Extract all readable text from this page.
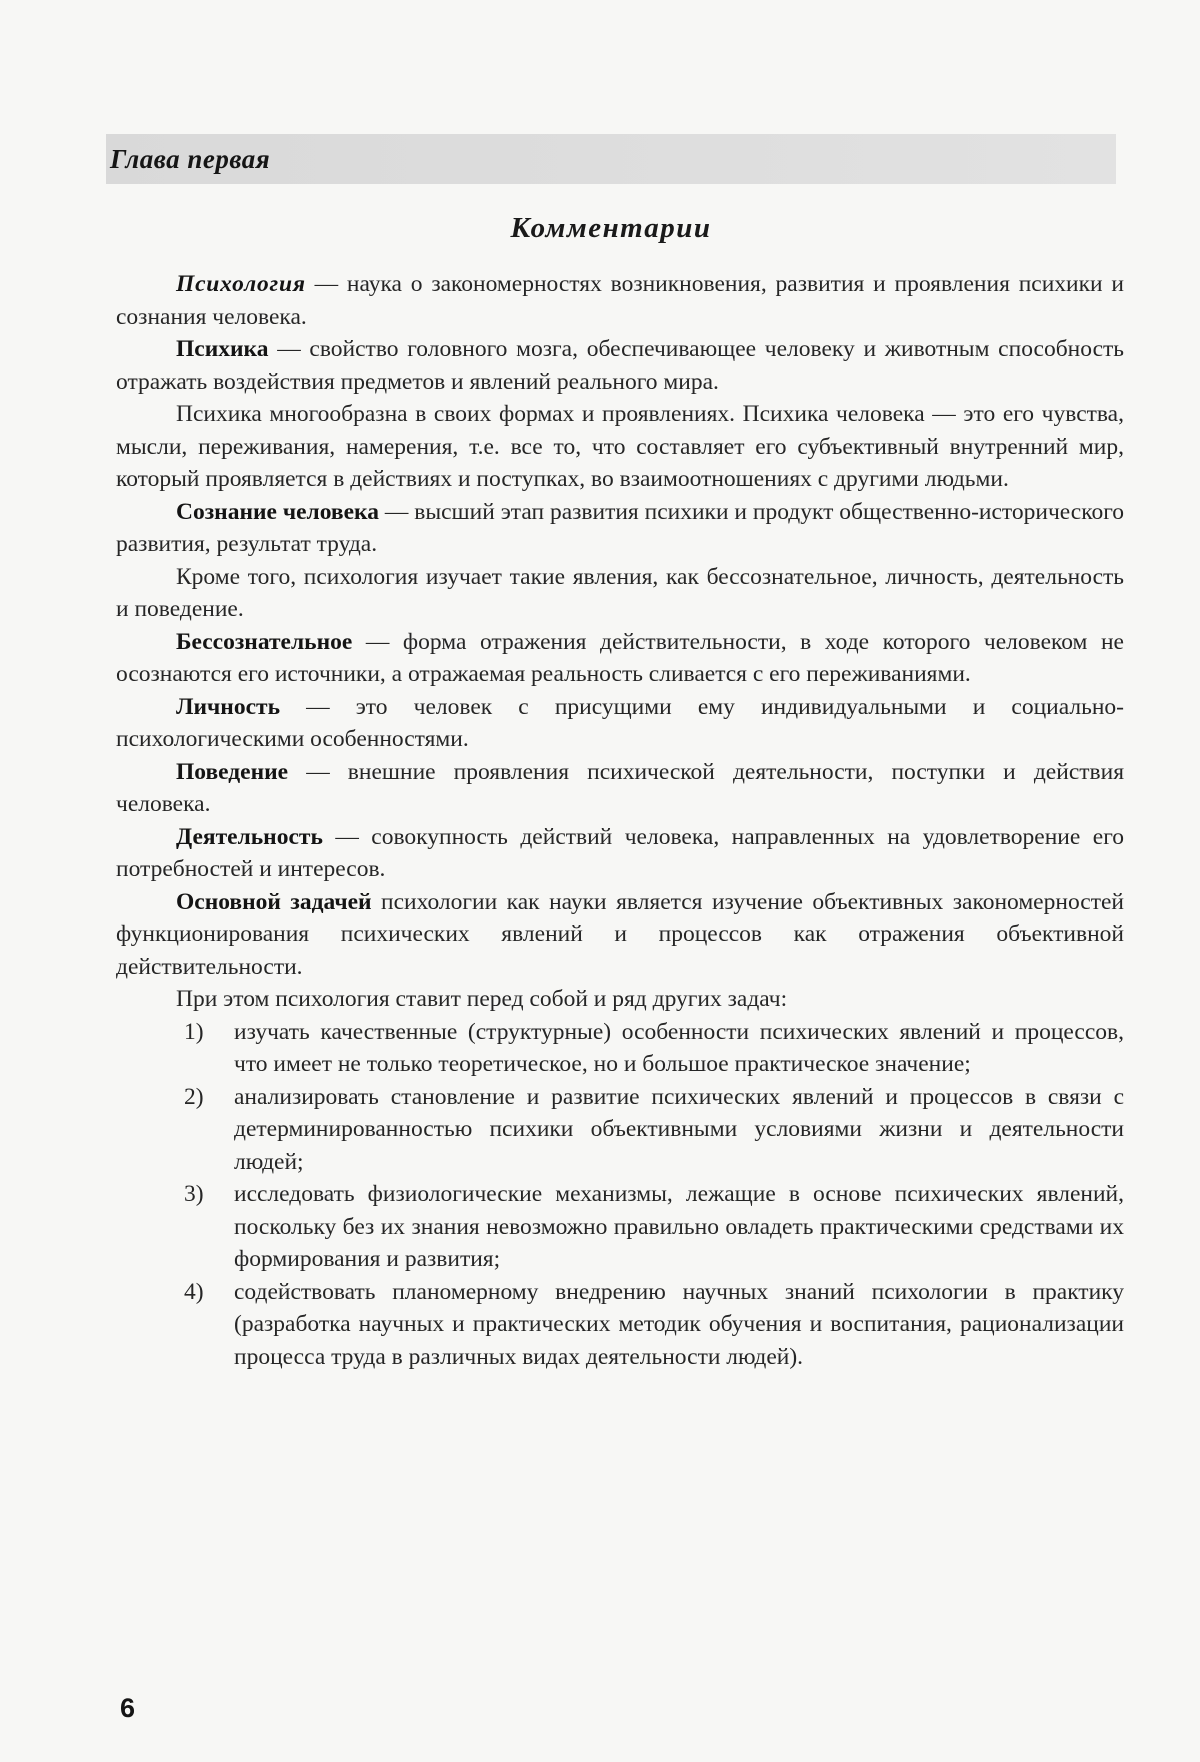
Глава первая
Комментарии

Психология — наука о закономерностях возникновения, развития и проявления психики и сознания человека.

Психика — свойство головного мозга, обеспечивающее человеку и животным способность отражать воздействия предметов и явлений реального мира.

Психика многообразна в своих формах и проявлениях. Психика человека — это его чувства, мысли, переживания, намерения, т.е. все то, что составляет его субъективный внутренний мир, который проявляется в действиях и поступках, во взаимоотношениях с другими людьми.

Сознание человека — высший этап развития психики и продукт общественно-исторического развития, результат труда.

Кроме того, психология изучает такие явления, как бессознательное, личность, деятельность и поведение.

Бессознательное — форма отражения действительности, в ходе которого человеком не осознаются его источники, а отражаемая реальность сливается с его переживаниями.

Личность — это человек с присущими ему индивидуальными и социально-психологическими особенностями.

Поведение — внешние проявления психической деятельности, поступки и действия человека.

Деятельность — совокупность действий человека, направленных на удовлетворение его потребностей и интересов.

Основной задачей психологии как науки является изучение объективных закономерностей функционирования психических явлений и процессов как отражения объективной действительности.

При этом психология ставит перед собой и ряд других задач:

1) изучать качественные (структурные) особенности психических явлений и процессов, что имеет не только теоретическое, но и большое практическое значение;
2) анализировать становление и развитие психических явлений и процессов в связи с детерминированностью психики объективными условиями жизни и деятельности людей;
3) исследовать физиологические механизмы, лежащие в основе психических явлений, поскольку без их знания невозможно правильно овладеть практическими средствами их формирования и развития;
4) содействовать планомерному внедрению научных знаний психологии в практику (разработка научных и практических методик обучения и воспитания, рационализации процесса труда в различных видах деятельности людей).
6
